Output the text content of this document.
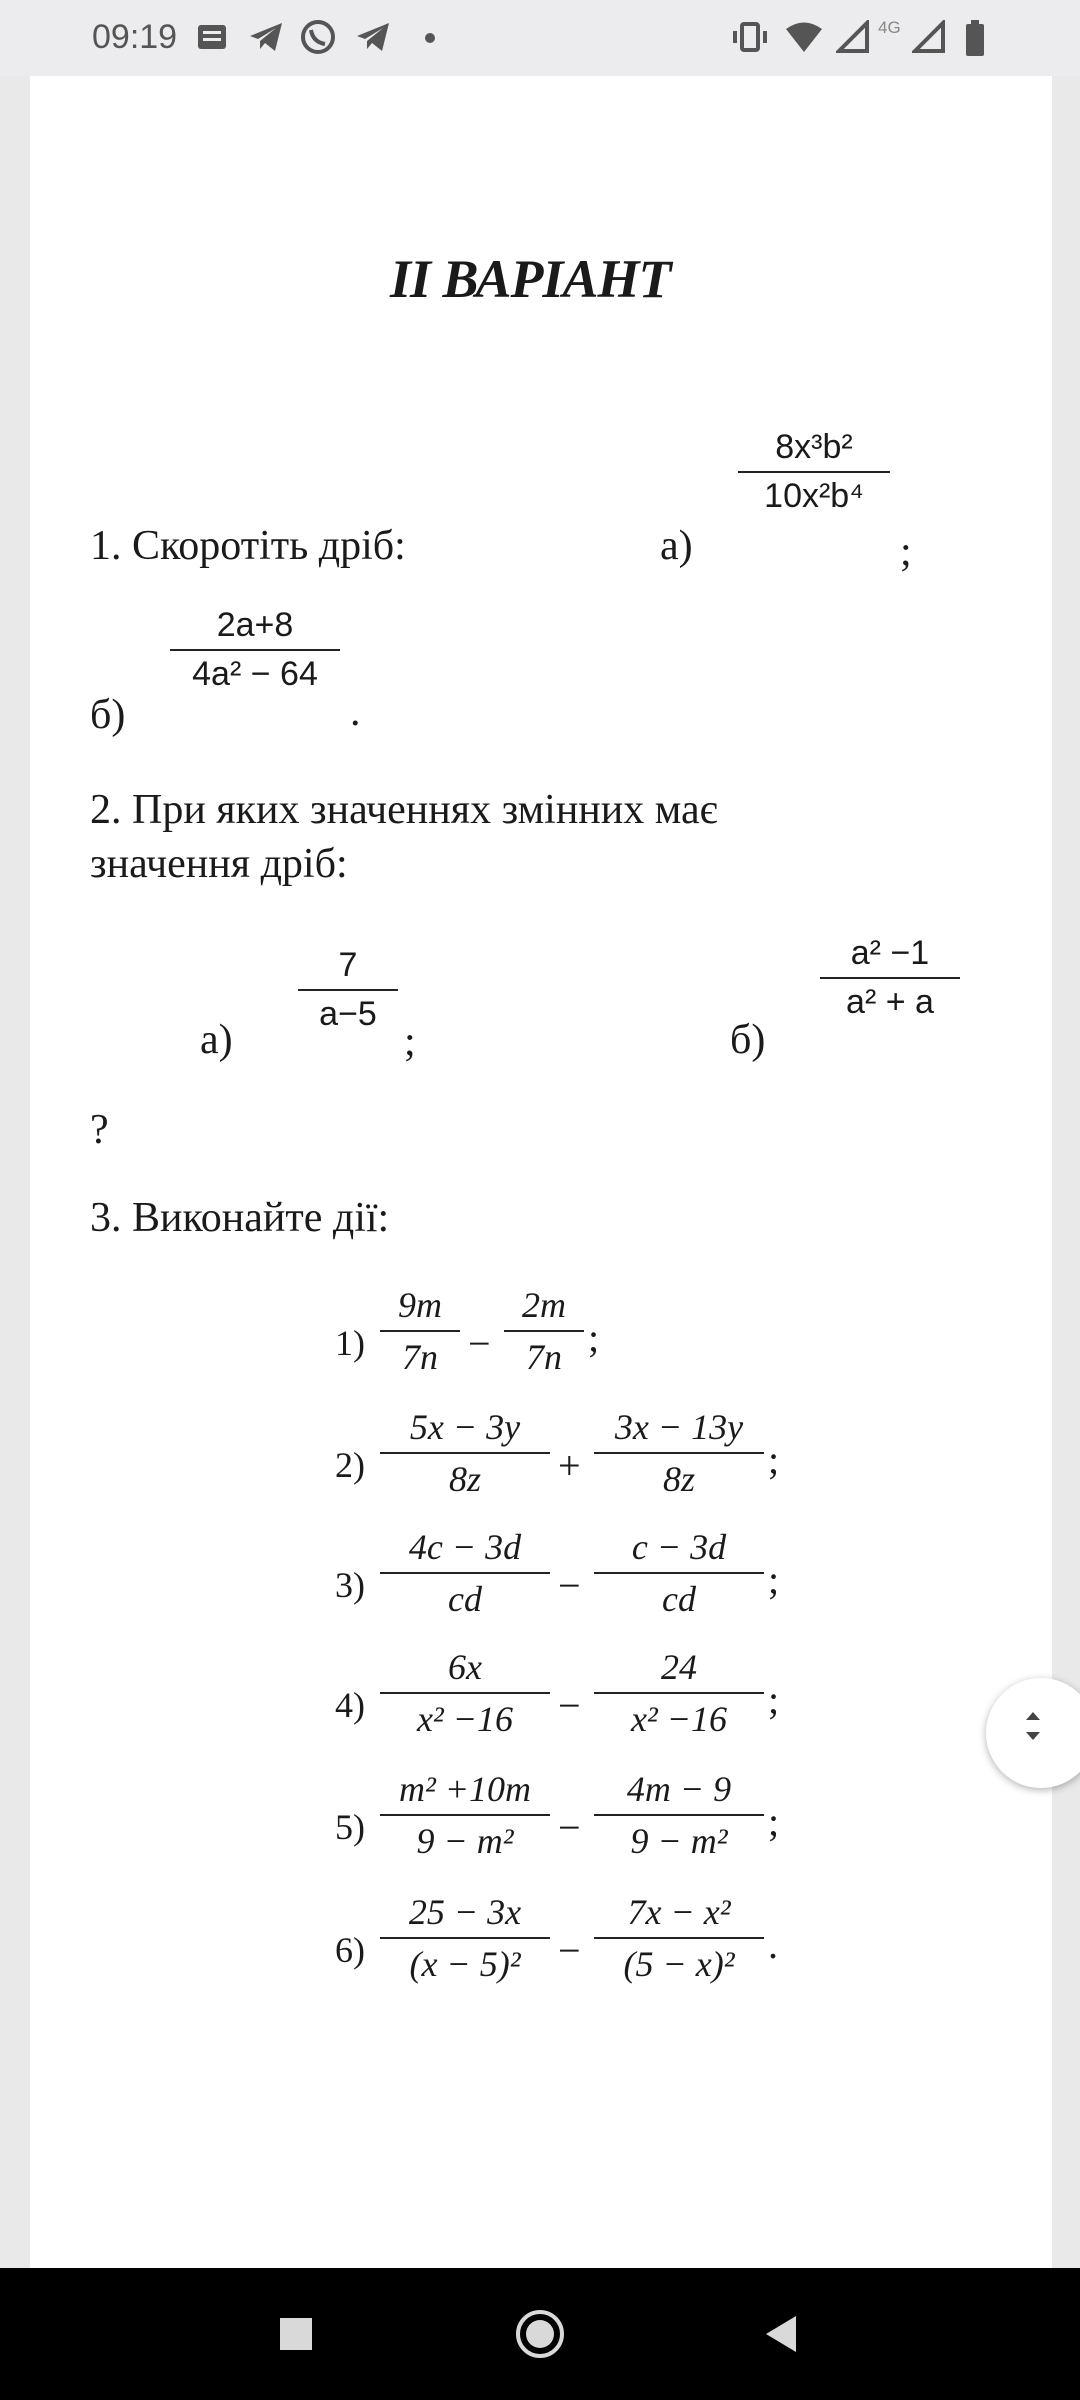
09:19	4G
II ВАРІАНТ
1. Скоротіть дріб:	а)
8x³b²
10x²b⁴
;
б)
2a+8
4a² − 64
.
2. При яких значеннях змінних має
значення дріб:
а)
7
a−5
;	б)
a² −1
a² + a
?
3. Виконайте дії:
1)
9m
7n −
2m
7n ;
2)
5x − 3y
8z	+
3x − 13y
8z	;
3)
4c − 3d
cd	−
c − 3d
cd	;
4)
6x
x² −16	−
24
x² −16	;
5)
m² +10m
9 − m²	−
4m − 9
9 − m²	;
6)
25 − 3x
(x − 5)² −
7x − x²
(5 − x)² .
